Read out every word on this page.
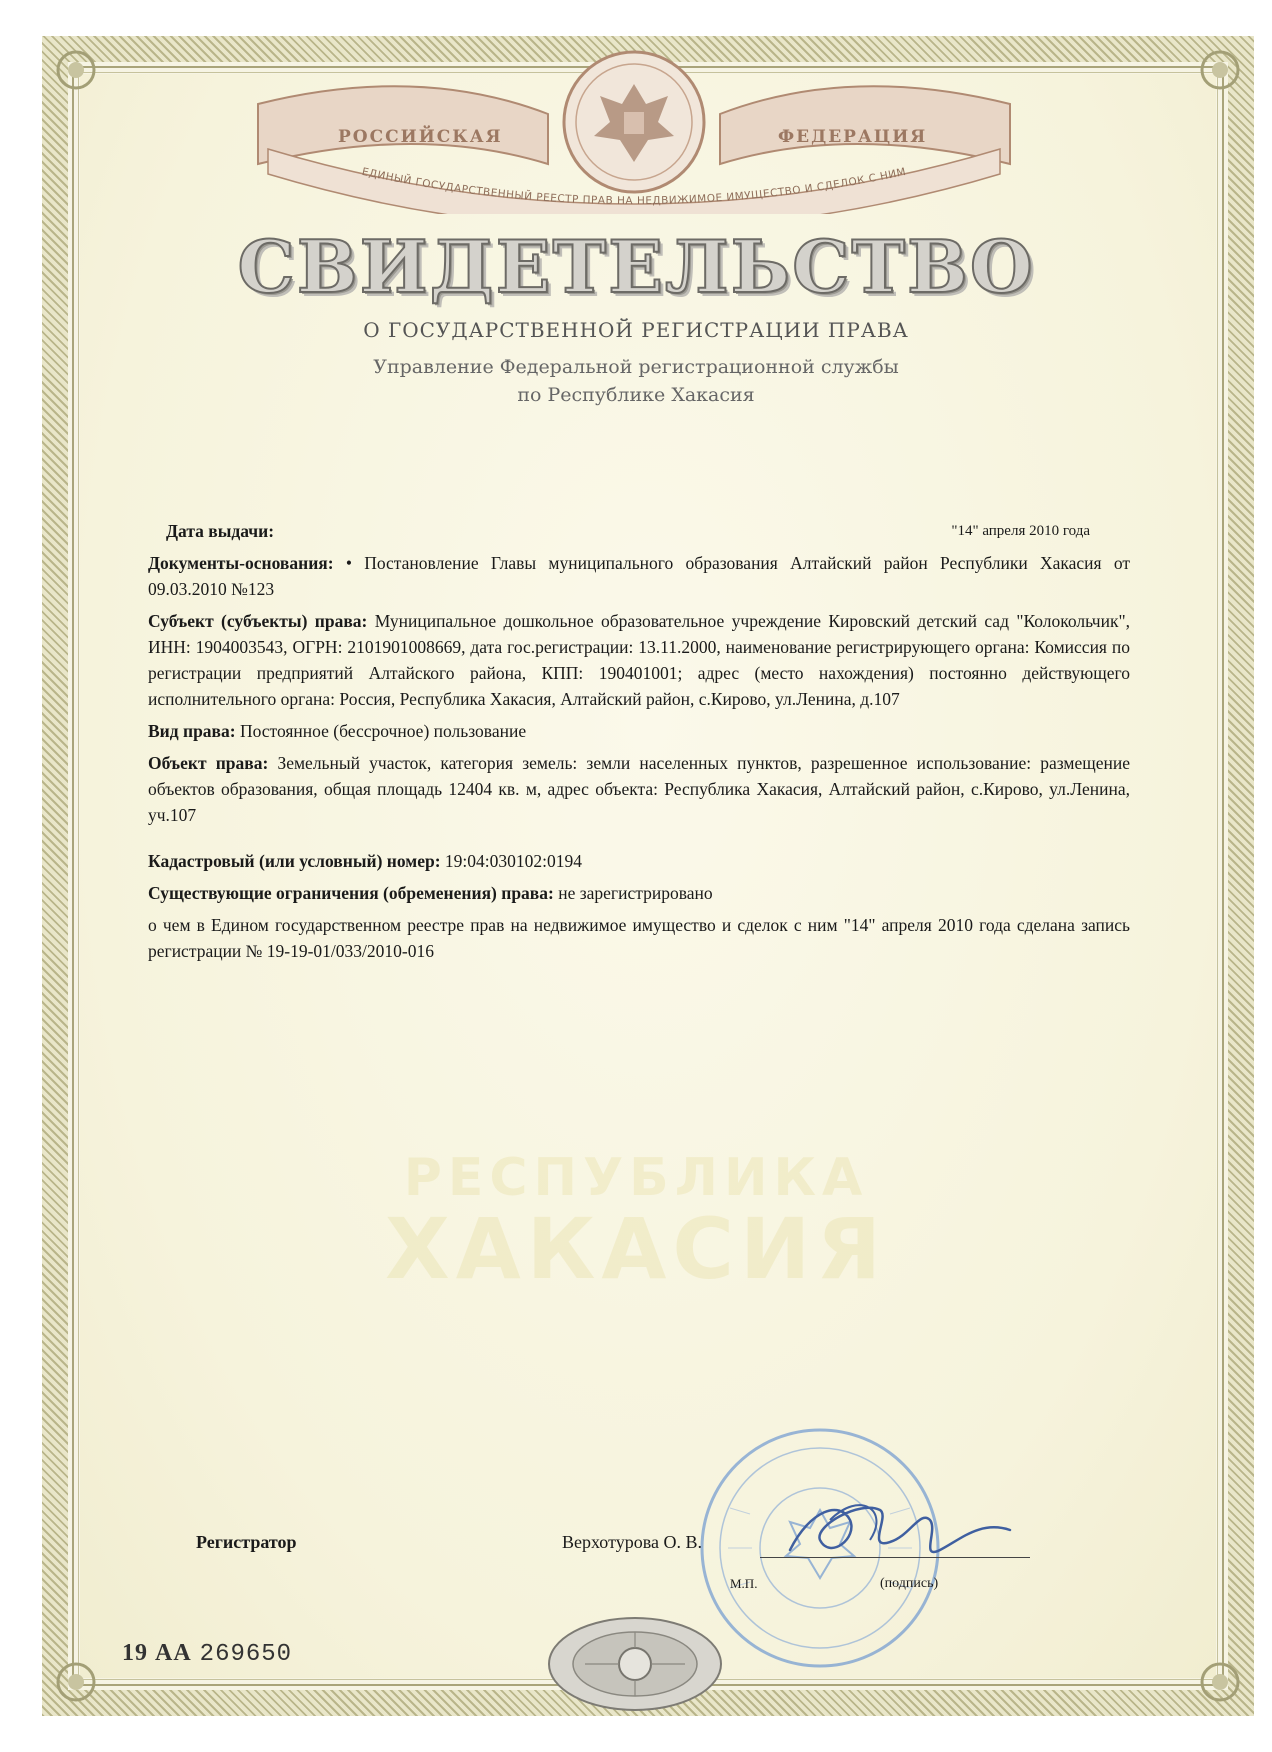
РЕСПУБЛИКА
ХАКАСИЯ
РОССИЙСКАЯ	ФЕДЕРАЦИЯ
ЕДИНЫЙ ГОСУДАРСТВЕННЫЙ РЕЕСТР ПРАВ НА НЕДВИЖИМОЕ ИМУЩЕСТВО И СДЕЛОК С НИМ
СВИДЕТЕЛЬСТВО
О ГОСУДАРСТВЕННОЙ РЕГИСТРАЦИИ ПРАВА
Управление Федеральной регистрационной службы
по Республике Хакасия
Дата выдачи:	"14" апреля 2010 года
Документы-основания: • Постановление Главы муниципального образования Алтайский район Республики Хакасия от 09.03.2010 №123
Субъект (субъекты) права: Муниципальное дошкольное образовательное учреждение Кировский детский сад "Колокольчик", ИНН: 1904003543, ОГРН: 2101901008669, дата гос.регистрации: 13.11.2000, наименование регистрирующего органа: Комиссия по регистрации предприятий Алтайского района, КПП: 190401001; адрес (место нахождения) постоянно действующего исполнительного органа: Россия, Республика Хакасия, Алтайский район, с.Кирово, ул.Ленина, д.107
Вид права: Постоянное (бессрочное) пользование
Объект права: Земельный участок, категория земель: земли населенных пунктов, разрешенное использование: размещение объектов образования, общая площадь 12404 кв. м, адрес объекта: Республика Хакасия, Алтайский район, с.Кирово, ул.Ленина, уч.107
Кадастровый (или условный) номер: 19:04:030102:0194
Существующие ограничения (обременения) права: не зарегистрировано
о чем в Едином государственном реестре прав на недвижимое имущество и сделок с ним "14" апреля 2010 года сделана запись регистрации № 19-19-01/033/2010-016
Регистратор	Верхотурова О. В.
М.П.	(подпись)
19 АА 269650
